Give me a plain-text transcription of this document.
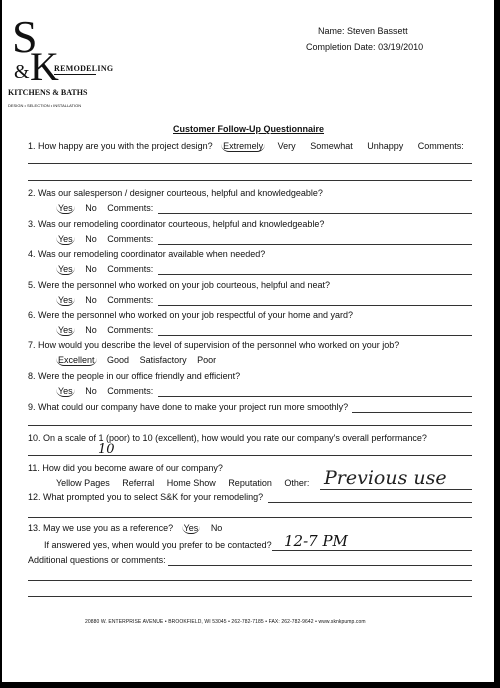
S
& K
REMODELING
KITCHENS & BATHS
DESIGN • SELECTION • INSTALLATION
Name: Steven Bassett
Completion Date: 03/19/2010
Customer Follow-Up Questionnaire
1. How happy are you with the project design? Extremely Very Somewhat Unhappy Comments:
2. Was our salesperson / designer courteous, helpful and knowledgeable?
Yes No Comments:
3. Was our remodeling coordinator courteous, helpful and knowledgeable?
Yes No Comments:
4. Was our remodeling coordinator available when needed?
Yes No Comments:
5. Were the personnel who worked on your job courteous, helpful and neat?
Yes No Comments:
6. Were the personnel who worked on your job respectful of your home and yard?
Yes No Comments:
7. How would you describe the level of supervision of the personnel who worked on your job?
Excellent Good Satisfactory Poor
8. Were the people in our office friendly and efficient?
Yes No Comments:
9. What could our company have done to make your project run more smoothly?
10. On a scale of 1 (poor) to 10 (excellent), how would you rate our company's overall performance?
10
11. How did you become aware of our company?
Yellow Pages Referral Home Show Reputation Other: Previous use
12. What prompted you to select S&K for your remodeling?
13. May we use you as a reference? Yes No
If answered yes, when would you prefer to be contacted? 12-7 PM
Additional questions or comments:
20880 W. ENTERPRISE AVENUE • BROOKFIELD, WI 53045 • 262-782-7185 • FAX: 262-782-9642 • www.sknkpump.com
